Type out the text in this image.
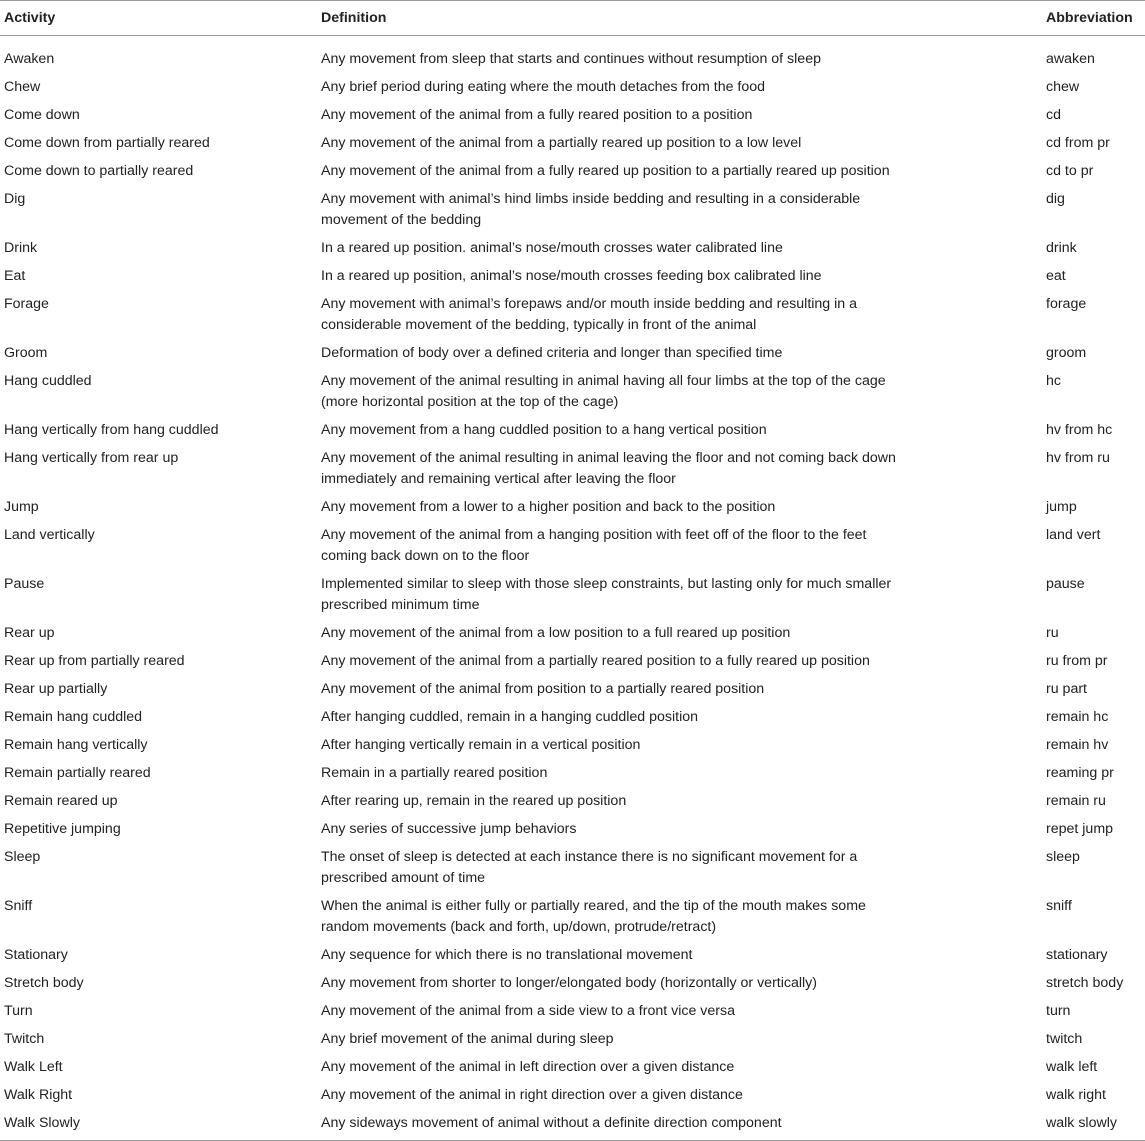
Activity	Definition	Abbreviation
Awaken	Any movement from sleep that starts and continues without resumption of sleep	awaken
Chew	Any brief period during eating where the mouth detaches from the food	chew
Come down	Any movement of the animal from a fully reared position to a position	cd
Come down from partially reared	Any movement of the animal from a partially reared up position to a low level	cd from pr
Come down to partially reared	Any movement of the animal from a fully reared up position to a partially reared up position	cd to pr
Dig	Any movement with animal’s hind limbs inside bedding and resulting in a considerable movement of the bedding	dig
Drink	In a reared up position. animal’s nose/mouth crosses water calibrated line	drink
Eat	In a reared up position, animal’s nose/mouth crosses feeding box calibrated line	eat
Forage	Any movement with animal’s forepaws and/or mouth inside bedding and resulting in a considerable movement of the bedding, typically in front of the animal	forage
Groom	Deformation of body over a defined criteria and longer than specified time	groom
Hang cuddled	Any movement of the animal resulting in animal having all four limbs at the top of the cage (more horizontal position at the top of the cage)	hc
Hang vertically from hang cuddled	Any movement from a hang cuddled position to a hang vertical position	hv from hc
Hang vertically from rear up	Any movement of the animal resulting in animal leaving the floor and not coming back down immediately and remaining vertical after leaving the floor	hv from ru
Jump	Any movement from a lower to a higher position and back to the position	jump
Land vertically	Any movement of the animal from a hanging position with feet off of the floor to the feet coming back down on to the floor	land vert
Pause	Implemented similar to sleep with those sleep constraints, but lasting only for much smaller prescribed minimum time	pause
Rear up	Any movement of the animal from a low position to a full reared up position	ru
Rear up from partially reared	Any movement of the animal from a partially reared position to a fully reared up position	ru from pr
Rear up partially	Any movement of the animal from position to a partially reared position	ru part
Remain hang cuddled	After hanging cuddled, remain in a hanging cuddled position	remain hc
Remain hang vertically	After hanging vertically remain in a vertical position	remain hv
Remain partially reared	Remain in a partially reared position	reaming pr
Remain reared up	After rearing up, remain in the reared up position	remain ru
Repetitive jumping	Any series of successive jump behaviors	repet jump
Sleep	The onset of sleep is detected at each instance there is no significant movement for a prescribed amount of time	sleep
Sniff	When the animal is either fully or partially reared, and the tip of the mouth makes some random movements (back and forth, up/down, protrude/retract)	sniff
Stationary	Any sequence for which there is no translational movement	stationary
Stretch body	Any movement from shorter to longer/elongated body (horizontally or vertically)	stretch body
Turn	Any movement of the animal from a side view to a front vice versa	turn
Twitch	Any brief movement of the animal during sleep	twitch
Walk Left	Any movement of the animal in left direction over a given distance	walk left
Walk Right	Any movement of the animal in right direction over a given distance	walk right
Walk Slowly	Any sideways movement of animal without a definite direction component	walk slowly
